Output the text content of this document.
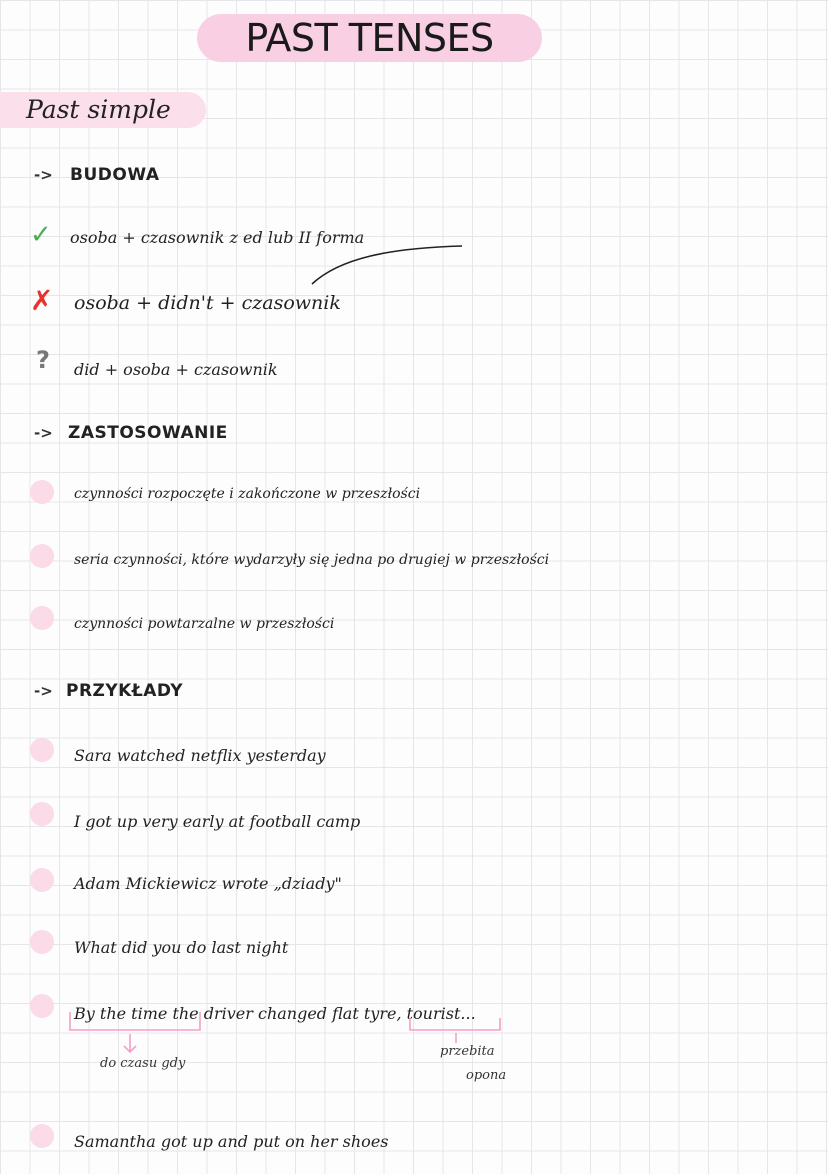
PAST TENSES
Past simple
-> BUDOWA
✓ osoba + czasownik z ed lub II forma
✗ osoba + didn't + czasownik
? did + osoba + czasownik
-> ZASTOSOWANIE
czynności rozpoczęte i zakończone w przeszłości
seria czynności, które wydarzyły się jedna po drugiej w przeszłości
czynności powtarzalne w przeszłości
-> PRZYKŁADY
Sara watched netflix yesterday
I got up very early at football camp
Adam Mickiewicz wrote „dziady"
What did you do last night
By the time the driver changed flat tyre, tourist...
do czasu gdy
przebita
opona
Samantha got up and put on her shoes
